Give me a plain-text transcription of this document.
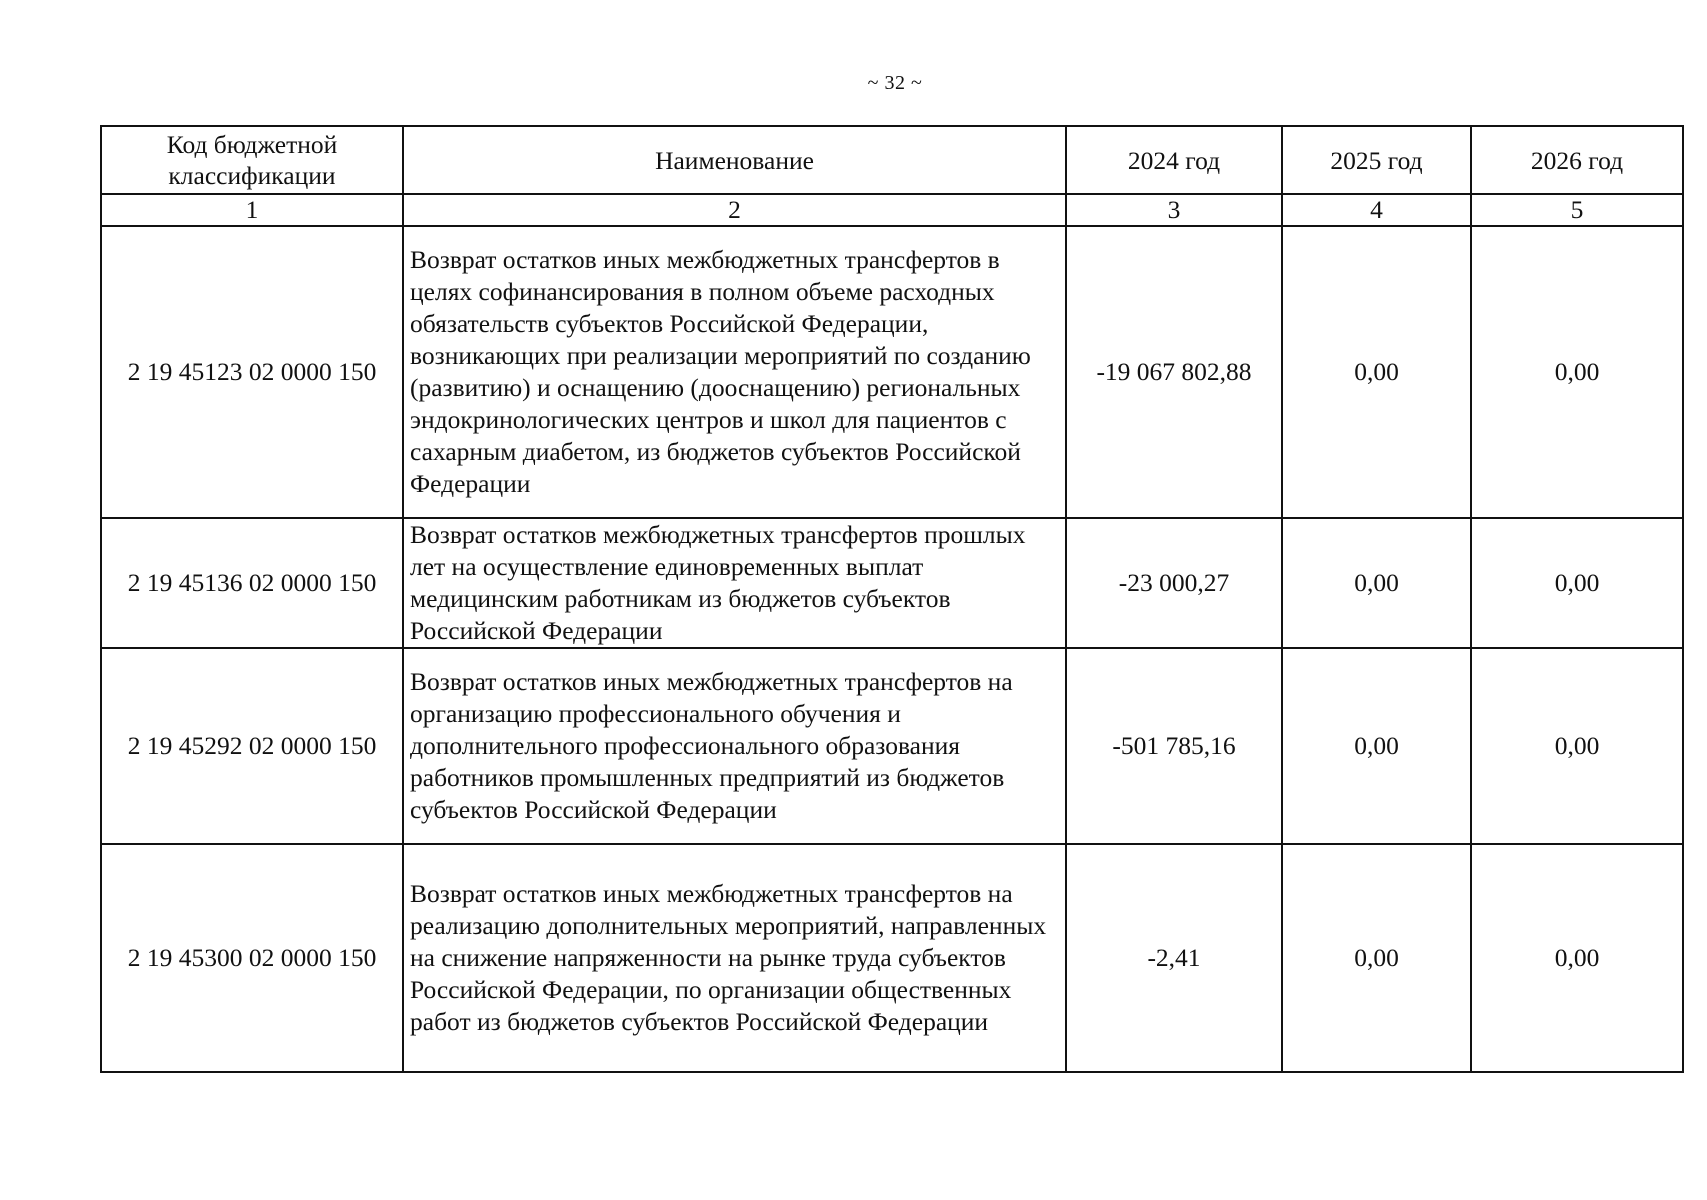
~ 32 ~
Код бюджетной классификации	Наименование	2024 год	2025 год	2026 год
1	2	3	4	5
2 19 45123 02 0000 150	Возврат остатков иных межбюджетных трансфертов в целях софинансирования в полном объеме расходных обязательств субъектов Российской Федерации, возникающих при реализации мероприятий по созданию (развитию) и оснащению (дооснащению) региональных эндокринологических центров и школ для пациентов с сахарным диабетом, из бюджетов субъектов Российской Федерации	-19 067 802,88	0,00	0,00
2 19 45136 02 0000 150	Возврат остатков межбюджетных трансфертов прошлых лет на осуществление единовременных выплат медицинским работникам из бюджетов субъектов Российской Федерации	-23 000,27	0,00	0,00
2 19 45292 02 0000 150	Возврат остатков иных межбюджетных трансфертов на организацию профессионального обучения и дополнительного профессионального образования работников промышленных предприятий из бюджетов субъектов Российской Федерации	-501 785,16	0,00	0,00
2 19 45300 02 0000 150	Возврат остатков иных межбюджетных трансфертов на реализацию дополнительных мероприятий, направленных на снижение напряженности на рынке труда субъектов Российской Федерации, по организации общественных работ из бюджетов субъектов Российской Федерации	-2,41	0,00	0,00
